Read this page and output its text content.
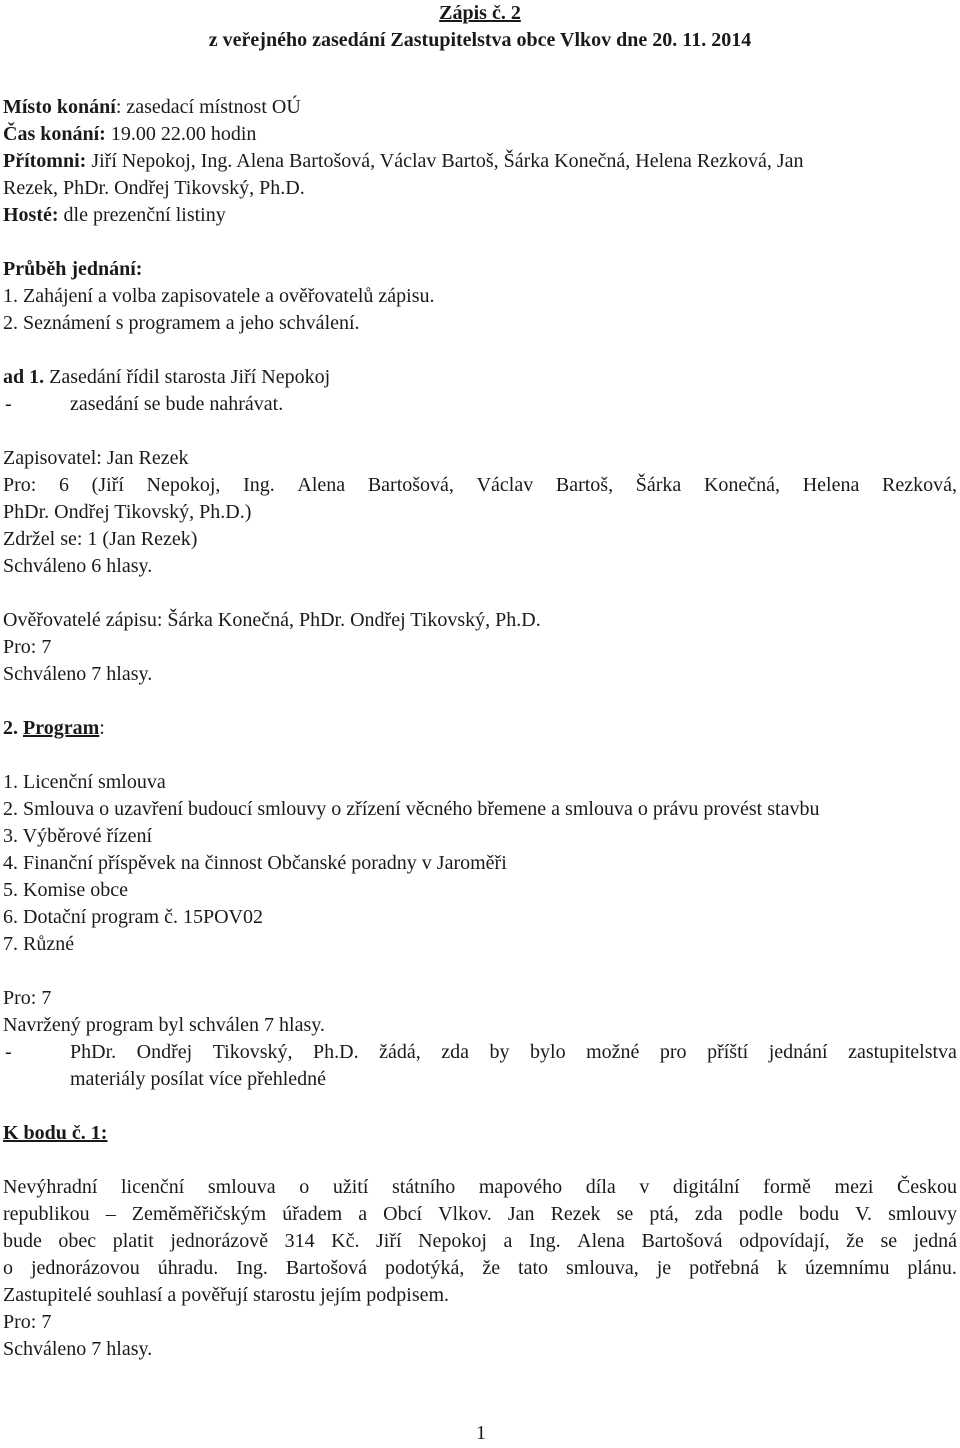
Zápis č. 2
z veřejného zasedání Zastupitelstva obce Vlkov dne 20. 11. 2014
Místo konání: zasedací místnost OÚ
Čas konání: 19.00 22.00 hodin
Přítomni: Jiří Nepokoj, Ing. Alena Bartošová, Václav Bartoš, Šárka Konečná, Helena Rezková, Jan
Rezek, PhDr. Ondřej Tikovský, Ph.D.
Hosté: dle prezenční listiny
Průběh jednání:
1. Zahájení a volba zapisovatele a ověřovatelů zápisu.
2. Seznámení s programem a jeho schválení.
ad 1. Zasedání řídil starosta Jiří Nepokoj
-	zasedání se bude nahrávat.
Zapisovatel: Jan Rezek
Pro: 6 (Jiří Nepokoj, Ing. Alena Bartošová, Václav Bartoš, Šárka Konečná, Helena Rezková,
PhDr. Ondřej Tikovský, Ph.D.)
Zdržel se: 1 (Jan Rezek)
Schváleno 6 hlasy.
Ověřovatelé zápisu: Šárka Konečná, PhDr. Ondřej Tikovský, Ph.D.
Pro: 7
Schváleno 7 hlasy.
2. Program:
1. Licenční smlouva
2. Smlouva o uzavření budoucí smlouvy o zřízení věcného břemene a smlouva o právu provést stavbu
3. Výběrové řízení
4. Finanční příspěvek na činnost Občanské poradny v Jaroměři
5. Komise obce
6. Dotační program č. 15POV02
7. Různé
Pro: 7
Navržený program byl schválen 7 hlasy.
-	PhDr. Ondřej Tikovský, Ph.D. žádá, zda by bylo možné pro příští jednání zastupitelstva
materiály posílat více přehledné
K bodu č. 1:
Nevýhradní licenční smlouva o užití státního mapového díla v digitální formě mezi Českou
republikou – Zeměměřičským úřadem a Obcí Vlkov. Jan Rezek se ptá, zda podle bodu V. smlouvy
bude obec platit jednorázově 314 Kč. Jiří Nepokoj a Ing. Alena Bartošová odpovídají, že se jedná
o jednorázovou úhradu. Ing. Bartošová podotýká, že tato smlouva, je potřebná k územnímu plánu.
Zastupitelé souhlasí a pověřují starostu jejím podpisem.
Pro: 7
Schváleno 7 hlasy.
1
